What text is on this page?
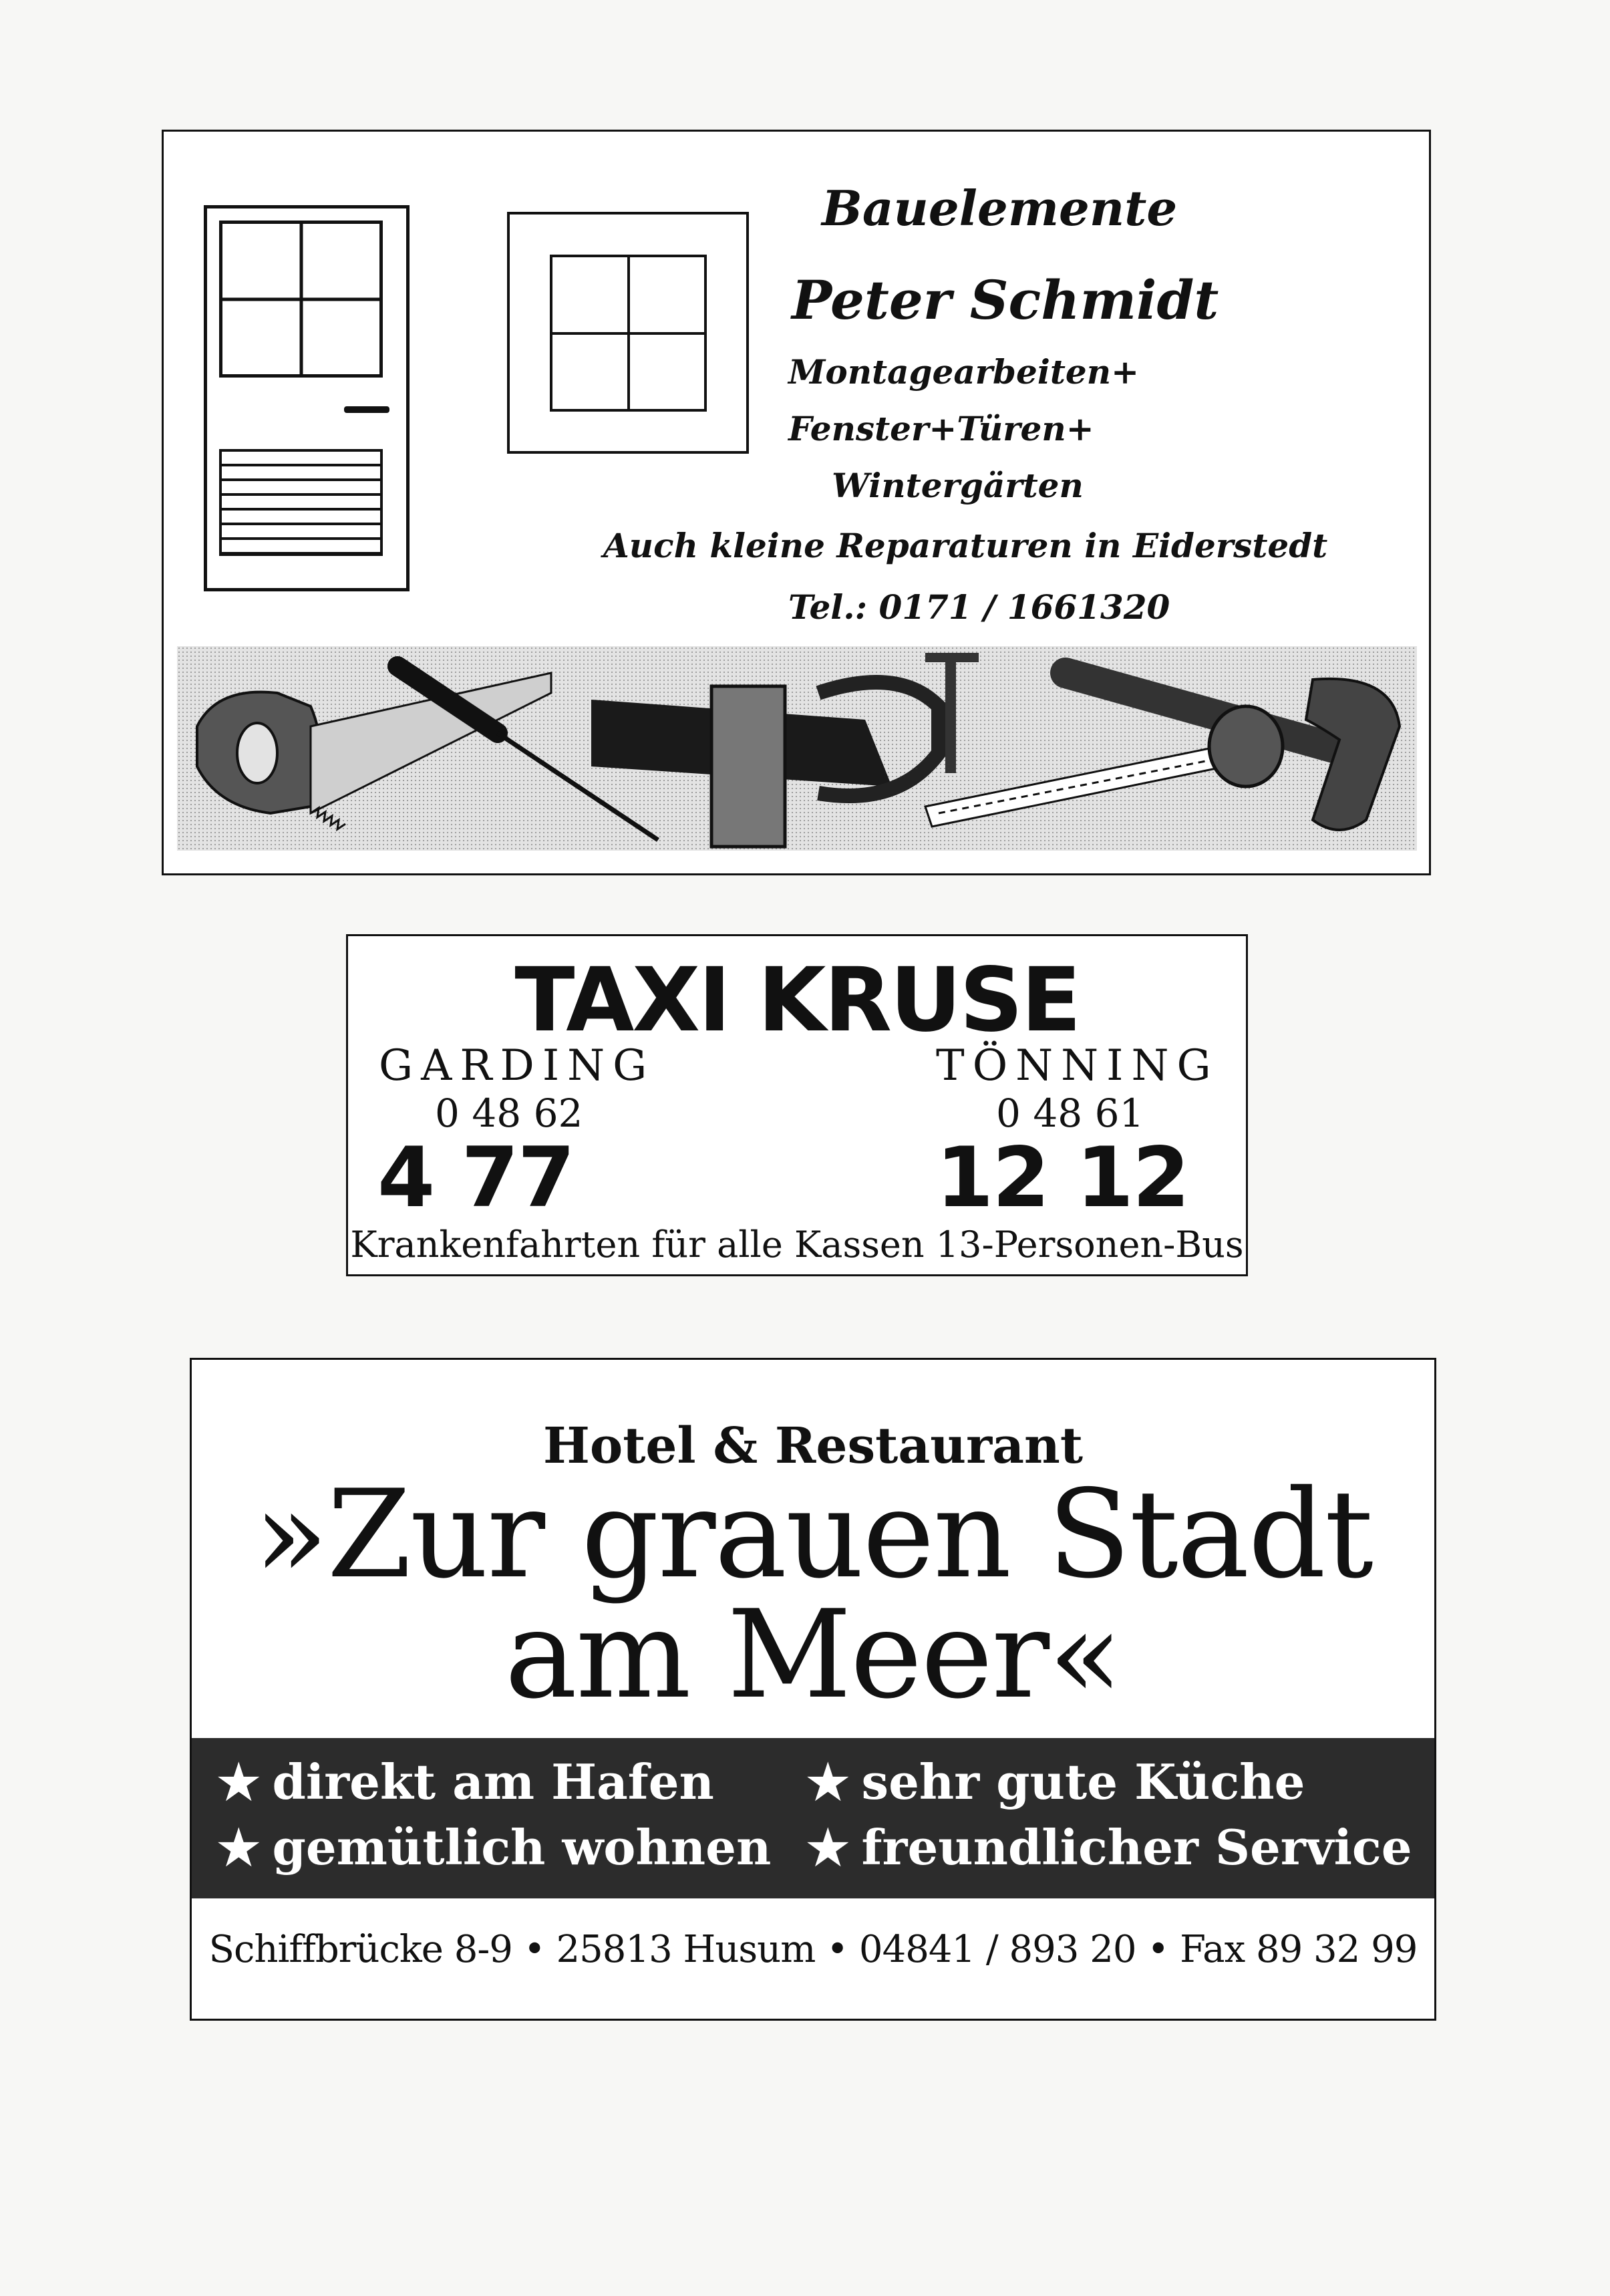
Bauelemente
Peter Schmidt
Montagearbeiten+
Fenster+Türen+
Wintergärten
Auch kleine Reparaturen in Eiderstedt
Tel.: 0171 / 1661320
TAXI KRUSE
GARDING	TÖNNING
0 48 62	0 48 61
4 77	12 12
Krankenfahrten für alle Kassen 13-Personen-Bus
Hotel & Restaurant
»Zur grauen Stadt
am Meer«
★ direkt am Hafen ★ sehr gute Küche
★ gemütlich wohnen ★ freundlicher Service
Schiffbrücke 8-9 • 25813 Husum • 04841 / 893 20 • Fax 89 32 99
